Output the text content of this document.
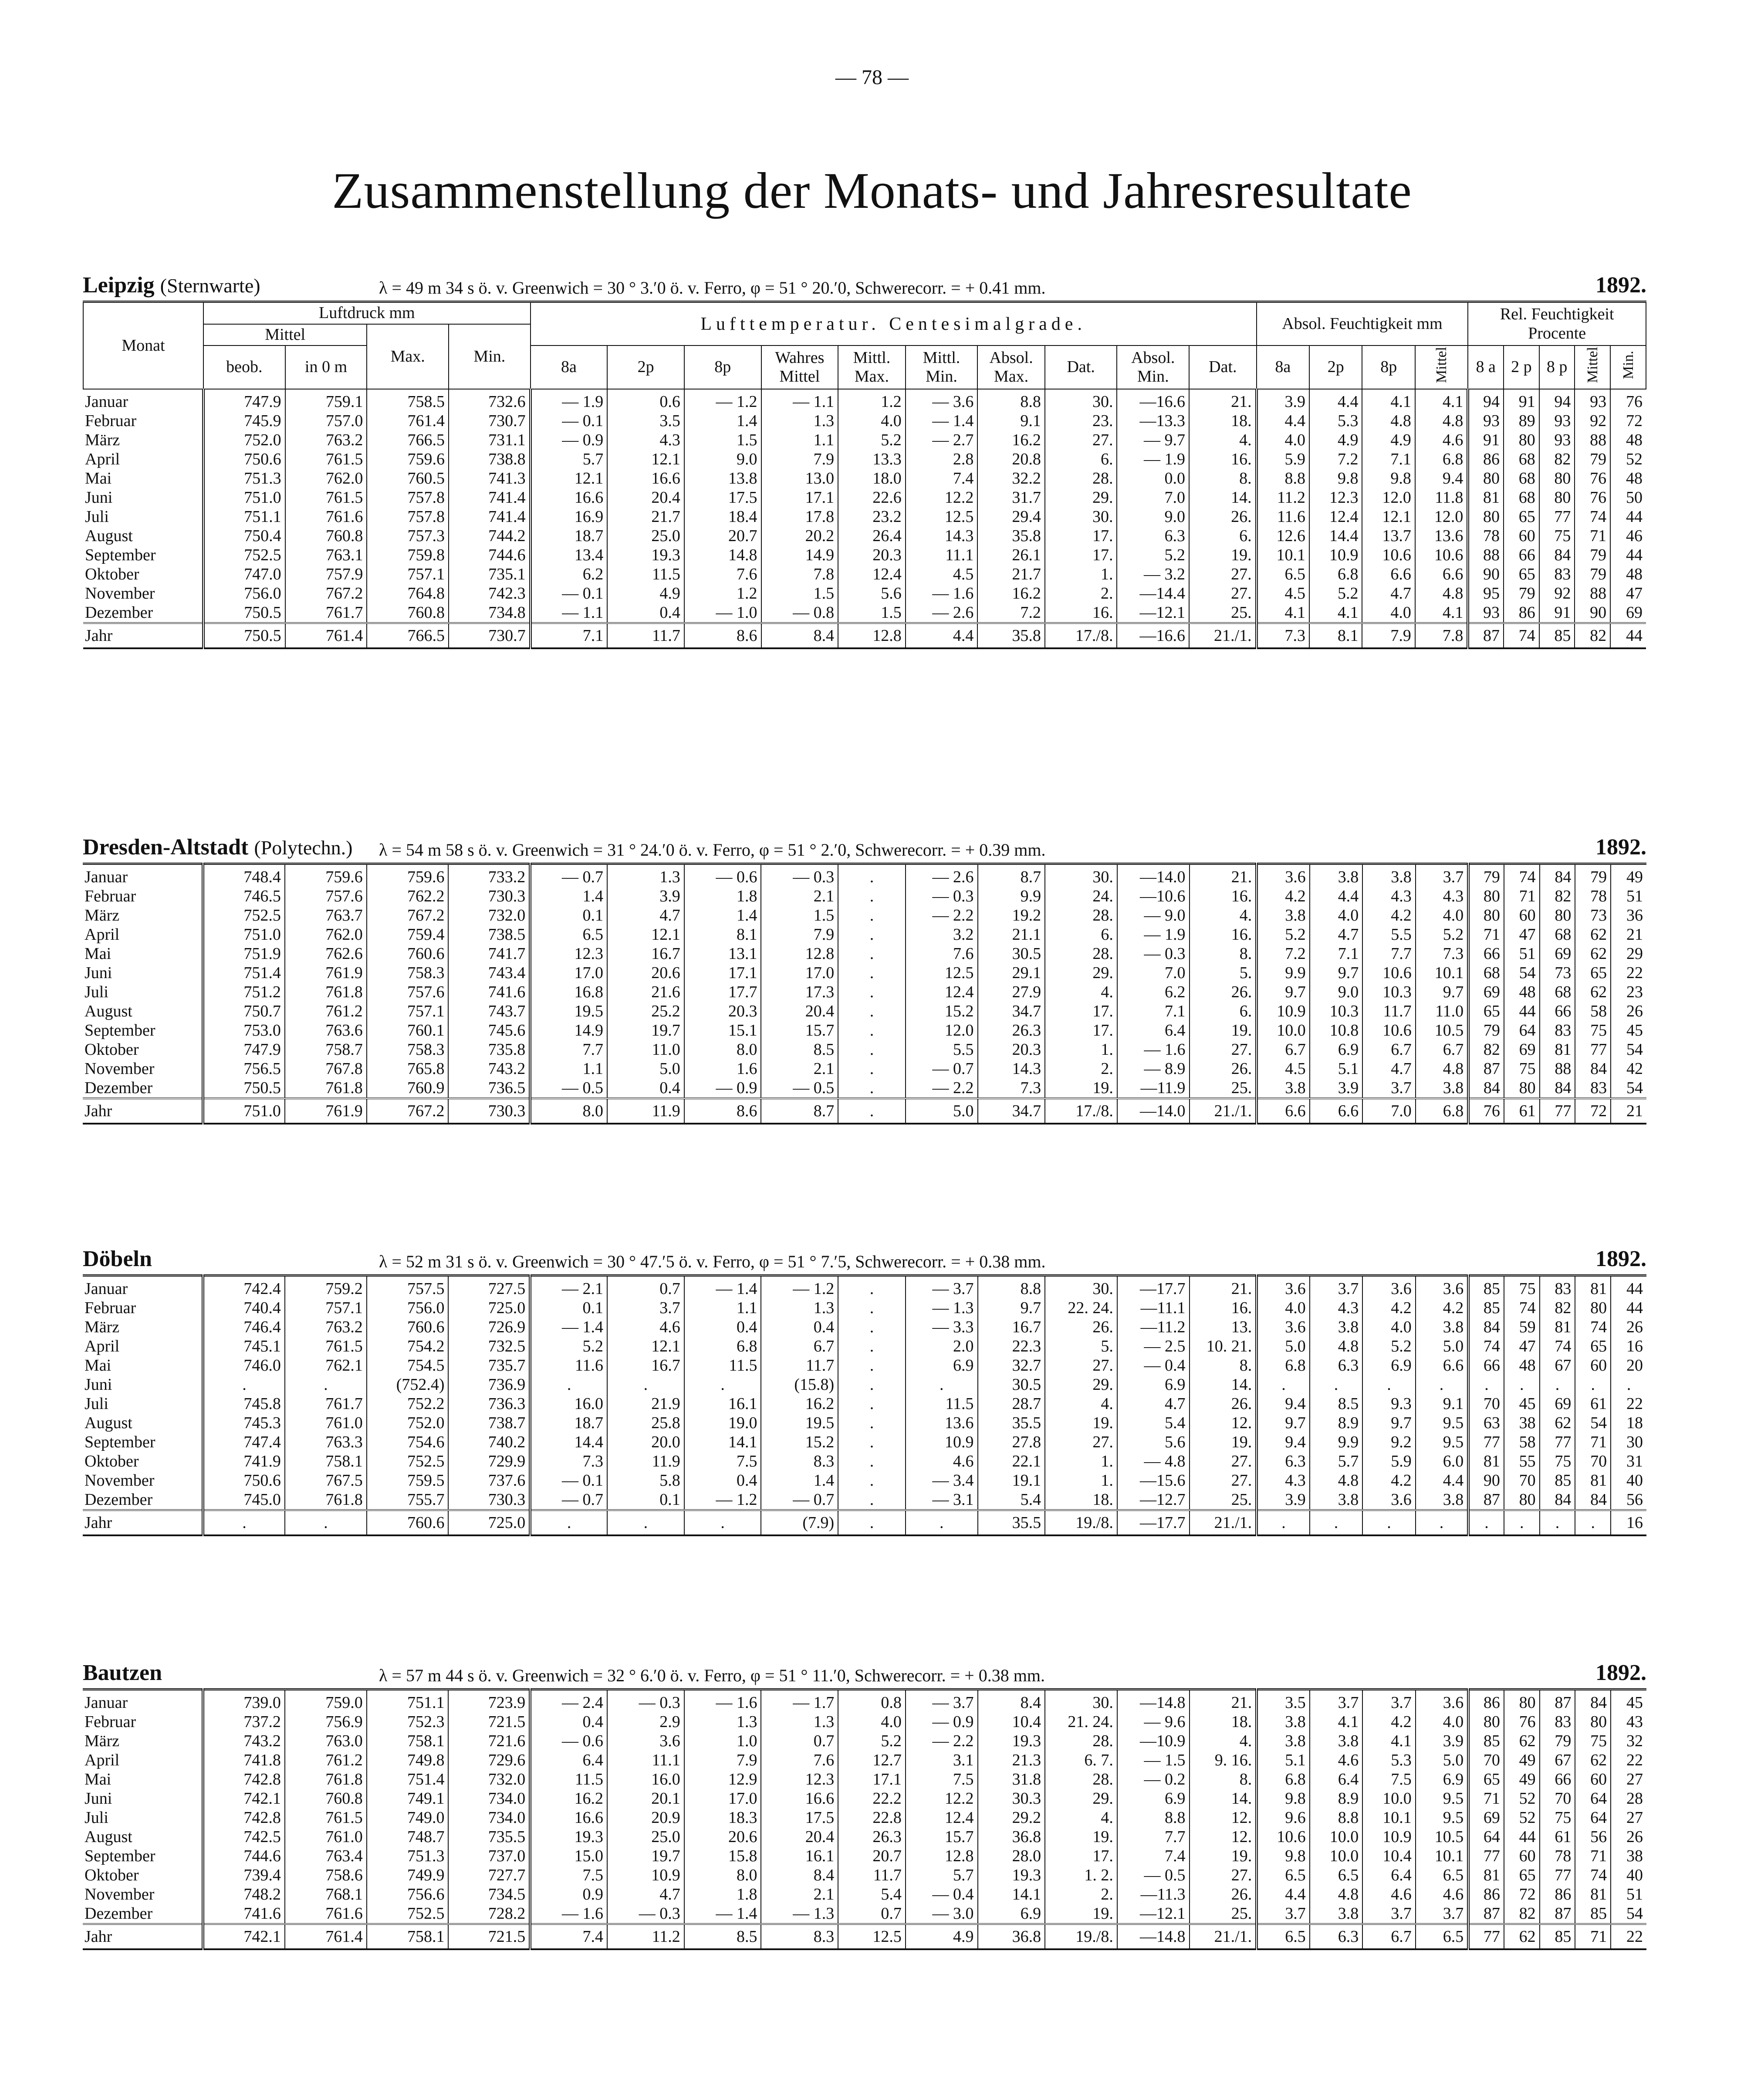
— 78 —
Zusammenstellung der Monats- und Jahresresultate
Leipzig (Sternwarte)	λ = 49 m 34 s ö. v. Greenwich = 30 ° 3.′0 ö. v. Ferro, φ = 51 ° 20.′0, Schwerecorr. = + 0.41 mm.	1892.
Monat	Luftdruck mm				Lufttemperatur. Centesimalgrade.										Absol. Feuchtigkeit mm				Rel. Feuchtigkeit Procente				
	Mittel		Max.	Min.																			
	beob.	in 0 m			8a	2p	8p	Wahres Mittel	Mittl. Max.	Mittl. Min.	Absol. Max.	Dat.	Absol. Min.	Dat.	8a	2p	8p	Mittel	8 a	2 p	8 p	Mittel	Min.
Januar	747.9	759.1	758.5	732.6	— 1.9	0.6	— 1.2	— 1.1	1.2	— 3.6	8.8	30.	—16.6	21.	3.9	4.4	4.1	4.1	94	91	94	93	76
Februar	745.9	757.0	761.4	730.7	— 0.1	3.5	1.4	1.3	4.0	— 1.4	9.1	23.	—13.3	18.	4.4	5.3	4.8	4.8	93	89	93	92	72
März	752.0	763.2	766.5	731.1	— 0.9	4.3	1.5	1.1	5.2	— 2.7	16.2	27.	— 9.7	4.	4.0	4.9	4.9	4.6	91	80	93	88	48
April	750.6	761.5	759.6	738.8	5.7	12.1	9.0	7.9	13.3	2.8	20.8	6.	— 1.9	16.	5.9	7.2	7.1	6.8	86	68	82	79	52
Mai	751.3	762.0	760.5	741.3	12.1	16.6	13.8	13.0	18.0	7.4	32.2	28.	0.0	8.	8.8	9.8	9.8	9.4	80	68	80	76	48
Juni	751.0	761.5	757.8	741.4	16.6	20.4	17.5	17.1	22.6	12.2	31.7	29.	7.0	14.	11.2	12.3	12.0	11.8	81	68	80	76	50
Juli	751.1	761.6	757.8	741.4	16.9	21.7	18.4	17.8	23.2	12.5	29.4	30.	9.0	26.	11.6	12.4	12.1	12.0	80	65	77	74	44
August	750.4	760.8	757.3	744.2	18.7	25.0	20.7	20.2	26.4	14.3	35.8	17.	6.3	6.	12.6	14.4	13.7	13.6	78	60	75	71	46
September	752.5	763.1	759.8	744.6	13.4	19.3	14.8	14.9	20.3	11.1	26.1	17.	5.2	19.	10.1	10.9	10.6	10.6	88	66	84	79	44
Oktober	747.0	757.9	757.1	735.1	6.2	11.5	7.6	7.8	12.4	4.5	21.7	1.	— 3.2	27.	6.5	6.8	6.6	6.6	90	65	83	79	48
November	756.0	767.2	764.8	742.3	— 0.1	4.9	1.2	1.5	5.6	— 1.6	16.2	2.	—14.4	27.	4.5	5.2	4.7	4.8	95	79	92	88	47
Dezember	750.5	761.7	760.8	734.8	— 1.1	0.4	— 1.0	— 0.8	1.5	— 2.6	7.2	16.	—12.1	25.	4.1	4.1	4.0	4.1	93	86	91	90	69
Jahr	750.5	761.4	766.5	730.7	7.1	11.7	8.6	8.4	12.8	4.4	35.8	17./8.	—16.6	21./1.	7.3	8.1	7.9	7.8	87	74	85	82	44
Dresden-Altstadt (Polytechn.) λ = 54 m 58 s ö. v. Greenwich = 31 ° 24.′0 ö. v. Ferro, φ = 51 ° 2.′0, Schwerecorr. = + 0.39 mm.	1892.
Januar	748.4	759.6	759.6	733.2	— 0.7	1.3	— 0.6	— 0.3	.	— 2.6	8.7	30.	—14.0	21.	3.6	3.8	3.8	3.7	79	74	84	79	49
Februar	746.5	757.6	762.2	730.3	1.4	3.9	1.8	2.1	.	— 0.3	9.9	24.	—10.6	16.	4.2	4.4	4.3	4.3	80	71	82	78	51
März	752.5	763.7	767.2	732.0	0.1	4.7	1.4	1.5	.	— 2.2	19.2	28.	— 9.0	4.	3.8	4.0	4.2	4.0	80	60	80	73	36
April	751.0	762.0	759.4	738.5	6.5	12.1	8.1	7.9	.	3.2	21.1	6.	— 1.9	16.	5.2	4.7	5.5	5.2	71	47	68	62	21
Mai	751.9	762.6	760.6	741.7	12.3	16.7	13.1	12.8	.	7.6	30.5	28.	— 0.3	8.	7.2	7.1	7.7	7.3	66	51	69	62	29
Juni	751.4	761.9	758.3	743.4	17.0	20.6	17.1	17.0	.	12.5	29.1	29.	7.0	5.	9.9	9.7	10.6	10.1	68	54	73	65	22
Juli	751.2	761.8	757.6	741.6	16.8	21.6	17.7	17.3	.	12.4	27.9	4.	6.2	26.	9.7	9.0	10.3	9.7	69	48	68	62	23
August	750.7	761.2	757.1	743.7	19.5	25.2	20.3	20.4	.	15.2	34.7	17.	7.1	6.	10.9	10.3	11.7	11.0	65	44	66	58	26
September	753.0	763.6	760.1	745.6	14.9	19.7	15.1	15.7	.	12.0	26.3	17.	6.4	19.	10.0	10.8	10.6	10.5	79	64	83	75	45
Oktober	747.9	758.7	758.3	735.8	7.7	11.0	8.0	8.5	.	5.5	20.3	1.	— 1.6	27.	6.7	6.9	6.7	6.7	82	69	81	77	54
November	756.5	767.8	765.8	743.2	1.1	5.0	1.6	2.1	.	— 0.7	14.3	2.	— 8.9	26.	4.5	5.1	4.7	4.8	87	75	88	84	42
Dezember	750.5	761.8	760.9	736.5	— 0.5	0.4	— 0.9	— 0.5	.	— 2.2	7.3	19.	—11.9	25.	3.8	3.9	3.7	3.8	84	80	84	83	54
Jahr	751.0	761.9	767.2	730.3	8.0	11.9	8.6	8.7	.	5.0	34.7	17./8.	—14.0	21./1.	6.6	6.6	7.0	6.8	76	61	77	72	21
Döbeln	λ = 52 m 31 s ö. v. Greenwich = 30 ° 47.′5 ö. v. Ferro, φ = 51 ° 7.′5, Schwerecorr. = + 0.38 mm.	1892.
Januar	742.4	759.2	757.5	727.5	— 2.1	0.7	— 1.4	— 1.2	.	— 3.7	8.8	30.	—17.7	21.	3.6	3.7	3.6	3.6	85	75	83	81	44
Februar	740.4	757.1	756.0	725.0	0.1	3.7	1.1	1.3	.	— 1.3	9.7	22. 24.	—11.1	16.	4.0	4.3	4.2	4.2	85	74	82	80	44
März	746.4	763.2	760.6	726.9	— 1.4	4.6	0.4	0.4	.	— 3.3	16.7	26.	—11.2	13.	3.6	3.8	4.0	3.8	84	59	81	74	26
April	745.1	761.5	754.2	732.5	5.2	12.1	6.8	6.7	.	2.0	22.3	5.	— 2.5	10. 21.	5.0	4.8	5.2	5.0	74	47	74	65	16
Mai	746.0	762.1	754.5	735.7	11.6	16.7	11.5	11.7	.	6.9	32.7	27.	— 0.4	8.	6.8	6.3	6.9	6.6	66	48	67	60	20
Juni	.	.	(752.4)	736.9	.	.	.	(15.8)	.	.	30.5	29.	6.9	14.	.	.	.	.	.	.	.	.	.
Juli	745.8	761.7	752.2	736.3	16.0	21.9	16.1	16.2	.	11.5	28.7	4.	4.7	26.	9.4	8.5	9.3	9.1	70	45	69	61	22
August	745.3	761.0	752.0	738.7	18.7	25.8	19.0	19.5	.	13.6	35.5	19.	5.4	12.	9.7	8.9	9.7	9.5	63	38	62	54	18
September	747.4	763.3	754.6	740.2	14.4	20.0	14.1	15.2	.	10.9	27.8	27.	5.6	19.	9.4	9.9	9.2	9.5	77	58	77	71	30
Oktober	741.9	758.1	752.5	729.9	7.3	11.9	7.5	8.3	.	4.6	22.1	1.	— 4.8	27.	6.3	5.7	5.9	6.0	81	55	75	70	31
November	750.6	767.5	759.5	737.6	— 0.1	5.8	0.4	1.4	.	— 3.4	19.1	1.	—15.6	27.	4.3	4.8	4.2	4.4	90	70	85	81	40
Dezember	745.0	761.8	755.7	730.3	— 0.7	0.1	— 1.2	— 0.7	.	— 3.1	5.4	18.	—12.7	25.	3.9	3.8	3.6	3.8	87	80	84	84	56
Jahr	.	.	760.6	725.0	.	.	.	(7.9)	.	.	35.5	19./8.	—17.7	21./1.	.	.	.	.	.	.	.	.	16
Bautzen	λ = 57 m 44 s ö. v. Greenwich = 32 ° 6.′0 ö. v. Ferro, φ = 51 ° 11.′0, Schwerecorr. = + 0.38 mm.	1892.
Januar	739.0	759.0	751.1	723.9	— 2.4	— 0.3	— 1.6	— 1.7	0.8	— 3.7	8.4	30.	—14.8	21.	3.5	3.7	3.7	3.6	86	80	87	84	45
Februar	737.2	756.9	752.3	721.5	0.4	2.9	1.3	1.3	4.0	— 0.9	10.4	21. 24.	— 9.6	18.	3.8	4.1	4.2	4.0	80	76	83	80	43
März	743.2	763.0	758.1	721.6	— 0.6	3.6	1.0	0.7	5.2	— 2.2	19.3	28.	—10.9	4.	3.8	3.8	4.1	3.9	85	62	79	75	32
April	741.8	761.2	749.8	729.6	6.4	11.1	7.9	7.6	12.7	3.1	21.3	6. 7.	— 1.5	9. 16.	5.1	4.6	5.3	5.0	70	49	67	62	22
Mai	742.8	761.8	751.4	732.0	11.5	16.0	12.9	12.3	17.1	7.5	31.8	28.	— 0.2	8.	6.8	6.4	7.5	6.9	65	49	66	60	27
Juni	742.1	760.8	749.1	734.0	16.2	20.1	17.0	16.6	22.2	12.2	30.3	29.	6.9	14.	9.8	8.9	10.0	9.5	71	52	70	64	28
Juli	742.8	761.5	749.0	734.0	16.6	20.9	18.3	17.5	22.8	12.4	29.2	4.	8.8	12.	9.6	8.8	10.1	9.5	69	52	75	64	27
August	742.5	761.0	748.7	735.5	19.3	25.0	20.6	20.4	26.3	15.7	36.8	19.	7.7	12.	10.6	10.0	10.9	10.5	64	44	61	56	26
September	744.6	763.4	751.3	737.0	15.0	19.7	15.8	16.1	20.7	12.8	28.0	17.	7.4	19.	9.8	10.0	10.4	10.1	77	60	78	71	38
Oktober	739.4	758.6	749.9	727.7	7.5	10.9	8.0	8.4	11.7	5.7	19.3	1. 2.	— 0.5	27.	6.5	6.5	6.4	6.5	81	65	77	74	40
November	748.2	768.1	756.6	734.5	0.9	4.7	1.8	2.1	5.4	— 0.4	14.1	2.	—11.3	26.	4.4	4.8	4.6	4.6	86	72	86	81	51
Dezember	741.6	761.6	752.5	728.2	— 1.6	— 0.3	— 1.4	— 1.3	0.7	— 3.0	6.9	19.	—12.1	25.	3.7	3.8	3.7	3.7	87	82	87	85	54
Jahr	742.1	761.4	758.1	721.5	7.4	11.2	8.5	8.3	12.5	4.9	36.8	19./8.	—14.8	21./1.	6.5	6.3	6.7	6.5	77	62	85	71	22
